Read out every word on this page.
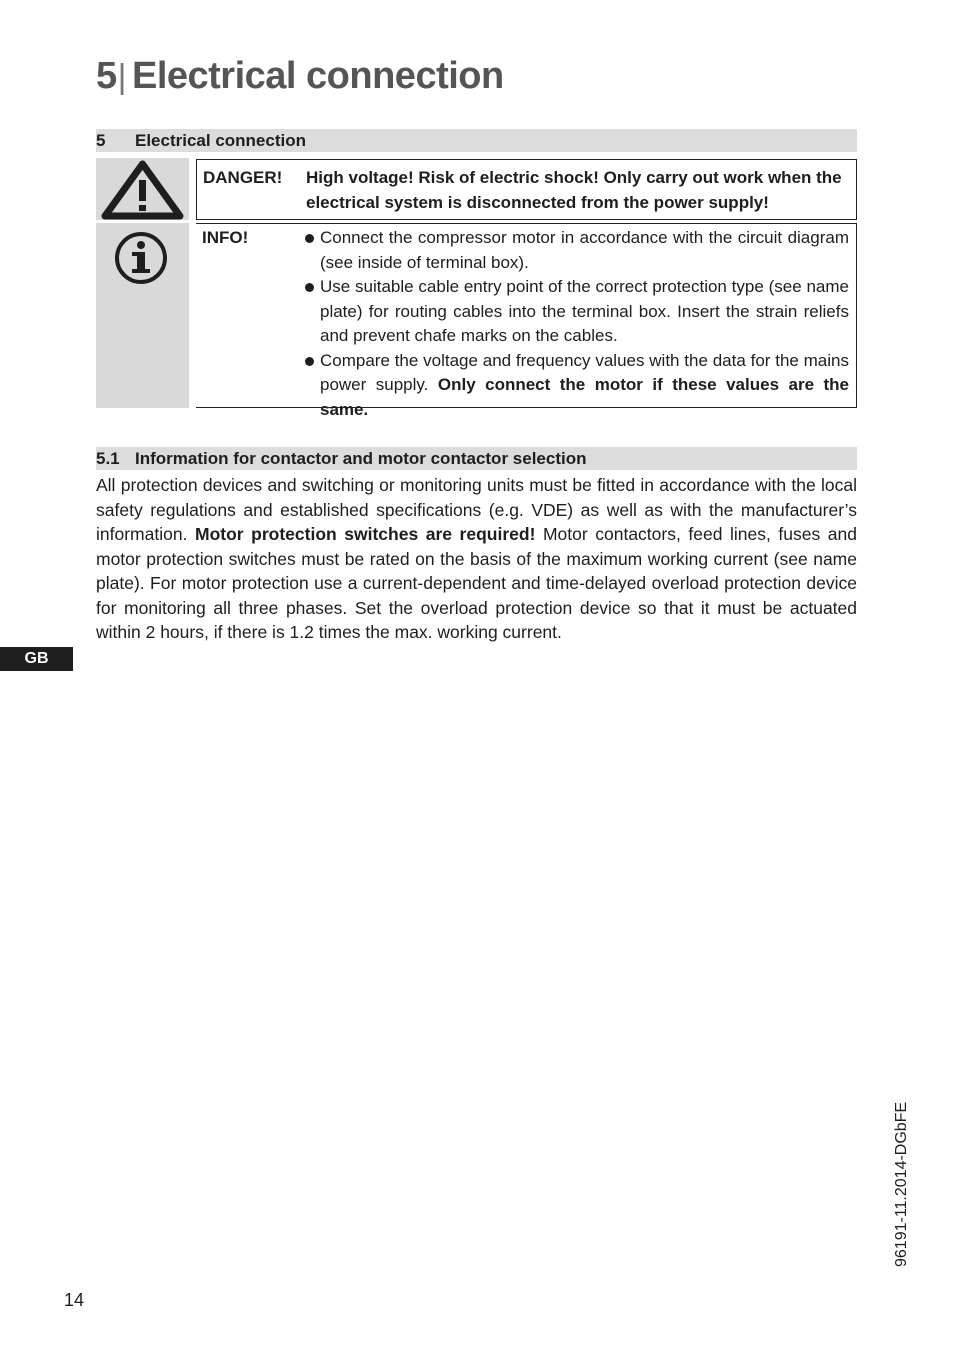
5| Electrical connection
5 Electrical connection
DANGER! High voltage! Risk of electric shock! Only carry out work when the electrical system is disconnected from the power supply!
INFO!	Connect the compressor motor in accordance with the circuit diagram (see inside of terminal box).
Use suitable cable entry point of the correct protection type (see name plate) for routing cables into the terminal box. Insert the strain reliefs and prevent chafe marks on the cables.
Compare the voltage and frequency values with the data for the mains power supply. Only connect the motor if these values are the same.
5.1 Information for contactor and motor contactor selection
All protection devices and switching or monitoring units must be fitted in accordance with the local safety regulations and established specifications (e.g. VDE) as well as with the manufacturer’s information. Motor protection switches are required! Motor contactors, feed lines, fuses and motor protection switches must be rated on the basis of the maximum working current (see name plate). For motor protection use a current-dependent and time-delayed overload protection device for monitoring all three phases. Set the overload protection device so that it must be actuated within 2 hours, if there is 1.2 times the max. working current.
GB
14
96191-11.2014-DGbFE
